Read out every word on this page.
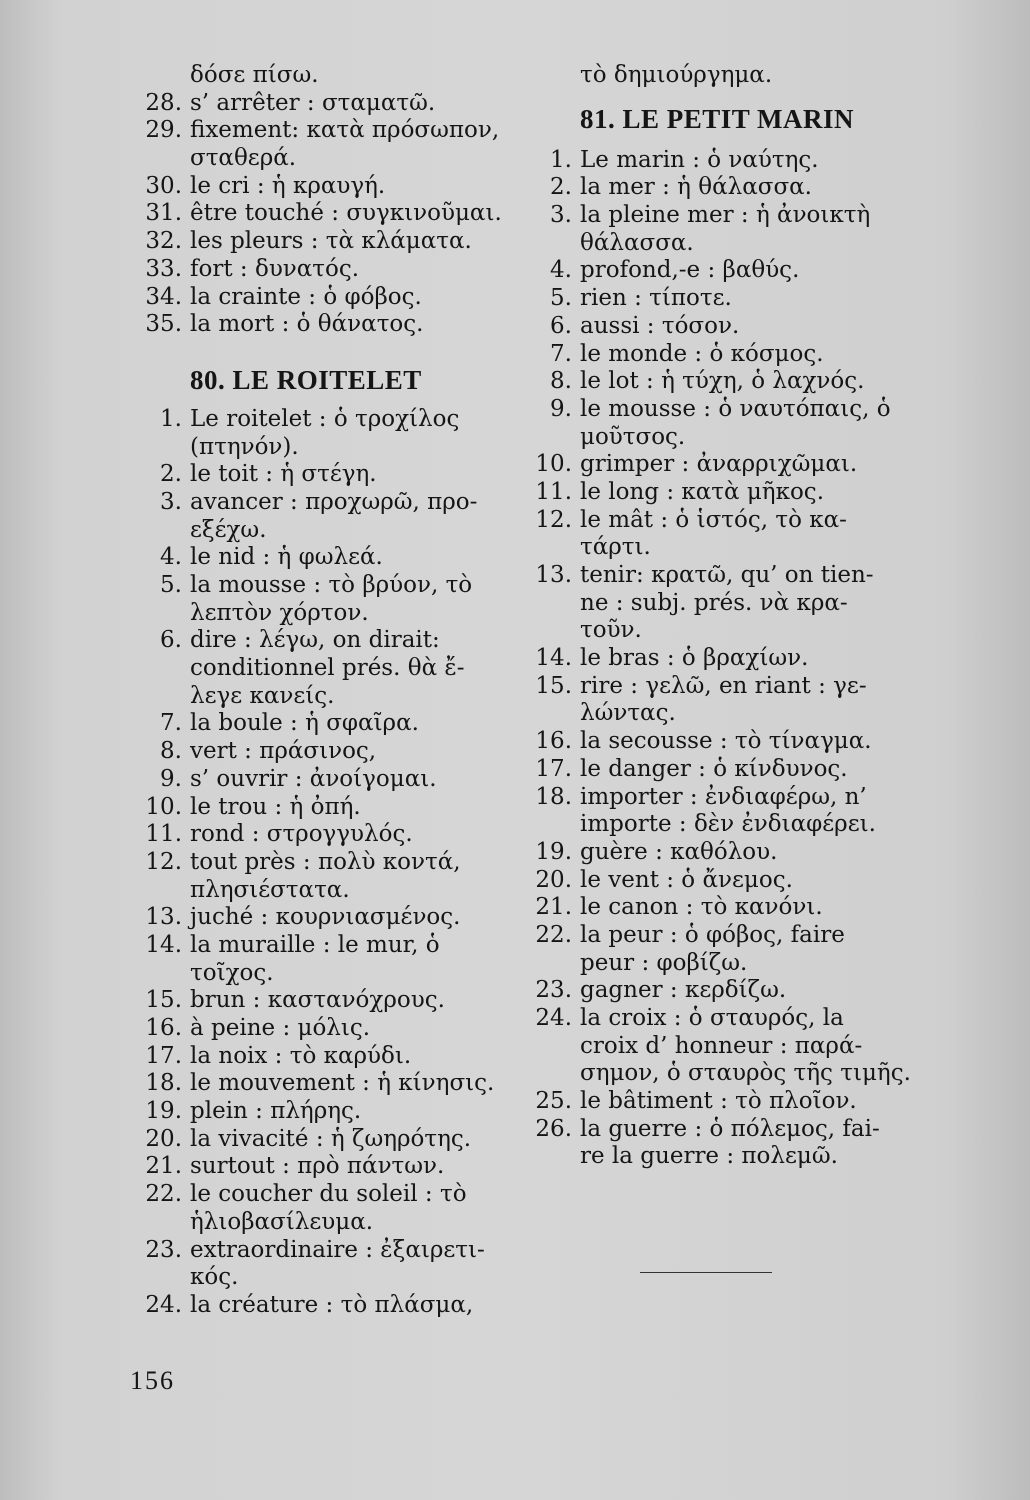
δόσε πίσω.
28. s’ arrêter : σταματῶ.
29. fixement: κατὰ πρόσωπον,
σταθερά.
30. le cri : ἡ κραυγή.
31. être touché : συγκινοῦμαι.
32. les pleurs : τὰ κλάματα.
33. fort : δυνατός.
34. la crainte : ὁ φόβος.
35. la mort : ὁ θάνατος.
80. LE ROITELET
1. Le roitelet : ὁ τροχίλος
(πτηνόν).
2. le toit : ἡ στέγη.
3. avancer : προχωρῶ, προ-
εξέχω.
4. le nid : ἡ φωλεά.
5. la mousse : τὸ βρύον, τὸ
λεπτὸν χόρτον.
6. dire : λέγω, on dirait:
conditionnel prés. θὰ ἔ-
λεγε κανείς.
7. la boule : ἡ σφαῖρα.
8. vert : πράσινος,
9. s’ ouvrir : ἀνοίγομαι.
10. le trou : ἡ ὀπή.
11. rond : στρογγυλός.
12. tout près : πολὺ κοντά,
πλησιέστατα.
13. juché : κουρνιασμένος.
14. la muraille : le mur, ὁ
τοῖχος.
15. brun : καστανόχρους.
16. à peine : μόλις.
17. la noix : τὸ καρύδι.
18. le mouvement : ἡ κίνησις.
19. plein : πλήρης.
20. la vivacité : ἡ ζωηρότης.
21. surtout : πρὸ πάντων.
22. le coucher du soleil : τὸ
ἡλιοβασίλευμα.
23. extraordinaire : ἐξαιρετι-
κός.
24. la créature : τὸ πλάσμα,
τὸ δημιούργημα.
81. LE PETIT MARIN
1. Le marin : ὁ ναύτης.
2. la mer : ἡ θάλασσα.
3. la pleine mer : ἡ ἀνοικτὴ
θάλασσα.
4. profond,-e : βαθύς.
5. rien : τίποτε.
6. aussi : τόσον.
7. le monde : ὁ κόσμος.
8. le lot : ἡ τύχη, ὁ λαχνός.
9. le mousse : ὁ ναυτόπαις, ὁ
μοῦτσος.
10. grimper : ἀναρριχῶμαι.
11. le long : κατὰ μῆκος.
12. le mât : ὁ ἱστός, τὸ κα-
τάρτι.
13. tenir: κρατῶ, qu’ on tien-
ne : subj. prés. νὰ κρα-
τοῦν.
14. le bras : ὁ βραχίων.
15. rire : γελῶ, en riant : γε-
λώντας.
16. la secousse : τὸ τίναγμα.
17. le danger : ὁ κίνδυνος.
18. importer : ἐνδιαφέρω, n’
importe : δὲν ἐνδιαφέρει.
19. guère : καθόλου.
20. le vent : ὁ ἄνεμος.
21. le canon : τὸ κανόνι.
22. la peur : ὁ φόβος, faire
peur : φοβίζω.
23. gagner : κερδίζω.
24. la croix : ὁ σταυρός, la
croix d’ honneur : παρά-
σημον, ὁ σταυρὸς τῆς τιμῆς.
25. le bâtiment : τὸ πλοῖον.
26. la guerre : ὁ πόλεμος, fai-
re la guerre : πολεμῶ.
156
